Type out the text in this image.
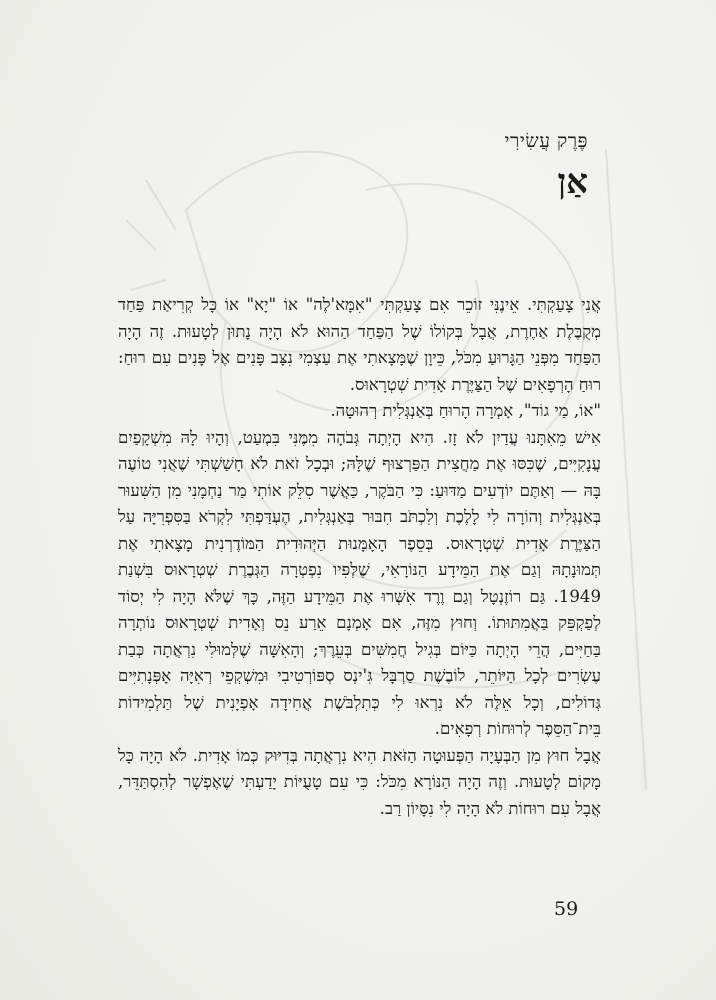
פֶּרֶק עֲשִׂירִי
אַן

אֲנִי צָעַקְתִּי. אֵינֶנִּי זוֹכֵר אִם צָעַקְתִּי "אִמָּא'לֶה" אוֹ "יָא" אוֹ כָּל קְרִיאַת פַּחַד מְקֻבֶּלֶת אַחֶרֶת, אֲבָל בְּקוֹלוֹ שֶׁל הַפַּחַד הַהוּא לֹא הָיָה נָתוּן לְטָעוּת. זֶה הָיָה הַפַּחַד מִפְּנֵי הַגָּרוּעַ מִכֹּל, כֵּיוָן שֶׁמָּצָאתִי אֶת עַצְמִי נִצָּב פָּנִים אֶל פָּנִים עִם רוּחַ: רוּחַ הָרְפָאִים שֶׁל הַצַּיֶּרֶת אָדִית שְׁטְרָאוּס.

"אוֹ, מַי גוֹד", אָמְרָה הָרוּחַ בְּאַנְגְּלִית רְהוּטָה.

אִישׁ מֵאִתָּנוּ עֲדַיִן לֹא זָז. הִיא הָיְתָה גְּבֹהָה מִמֶּנִּי בִּמְעַט, וְהָיוּ לָהּ מִשְׁקָפַיִם עֲנָקִיִּים, שֶׁכִּסּוּ אֶת מַחֲצִית הַפַּרְצוּף שֶׁלָּהּ; וּבְכָל זֹאת לֹא חָשַׁשְׁתִּי שֶׁאֲנִי טוֹעֶה בָּהּ — וְאַתֶּם יוֹדְעִים מַדּוּעַ: כִּי הַבֹּקֶר, כַּאֲשֶׁר סִלֵּק אוֹתִי מַר נַחְמָנִי מִן הַשִּׁעוּר בְּאַנְגְּלִית וְהוֹרָה לִי לָלֶכֶת וְלִכְתֹּב חִבּוּר בְּאַנְגְּלִית, הֶעְדַּפְתִּי לִקְרֹא בַּסִּפְרִיָּה עַל הַצַּיֶּרֶת אָדִית שְׁטְרָאוּס. בְּסֵפֶר הָאָמָּנוּת הַיְּהוּדִית הַמּוֹדֶרְנִית מָצָאתִי אֶת תְּמוּנָתָהּ וְגַם אֶת הַמֵּידָע הַנּוֹרָאִי, שֶׁלְּפִיו נִפְטְרָה הַגְּבֶרֶת שְׁטְרָאוּס בִּשְׁנַת 1949. גַּם רוֹזֶנְטָל וְגַם וֶרֶד אִשְּׁרוּ אֶת הַמֵּידָע הַזֶּה, כָּךְ שֶׁלֹּא הָיָה לִי יְסוֹד לְפַקְפֵּק בַּאֲמִתּוּתוֹ. וְחוּץ מִזֶּה, אִם אָמְנָם אֵרַע נֵס וְאָדִית שְׁטְרָאוּס נוֹתְרָה בַּחַיִּים, הֲרֵי הָיְתָה כַּיּוֹם בְּגִיל חֲמִשִּׁים בְּעֵרֶךְ; וְהָאִשָּׁה שֶׁלְּמוּלִי נִרְאֲתָה כְּבַת עֶשְׂרִים לְכָל הַיּוֹתֵר, לוֹבֶשֶׁת סַרְבָּל גִּ'ינְס סְפּוֹרְטִיבִי וּמִשְׁקְפֵי רְאִיָּה אָפְּנָתִיִּים גְּדוֹלִים, וְכָל אֵלֶּה לֹא נִרְאוּ לִי כְּתִלְבֹּשֶׁת אֲחִידָה אָפְיָנִית שֶׁל תַּלְמִידוֹת בֵּית־הַסֵּפֶר לְרוּחוֹת רְפָאִים.

אֲבָל חוּץ מִן הַבְּעָיָה הַפְּעוּטָה הַזֹּאת הִיא נִרְאֲתָה בְּדִיּוּק כְּמוֹ אָדִית. לֹא הָיָה כָּל מָקוֹם לְטָעוּת. וְזֶה הָיָה הַנּוֹרָא מִכֹּל: כִּי עִם טָעֻיּוֹת יָדַעְתִּי שֶׁאֶפְשָׁר לְהִסְתַּדֵּר, אֲבָל עִם רוּחוֹת לֹא הָיָה לִי נִסָּיוֹן רַב.

59
